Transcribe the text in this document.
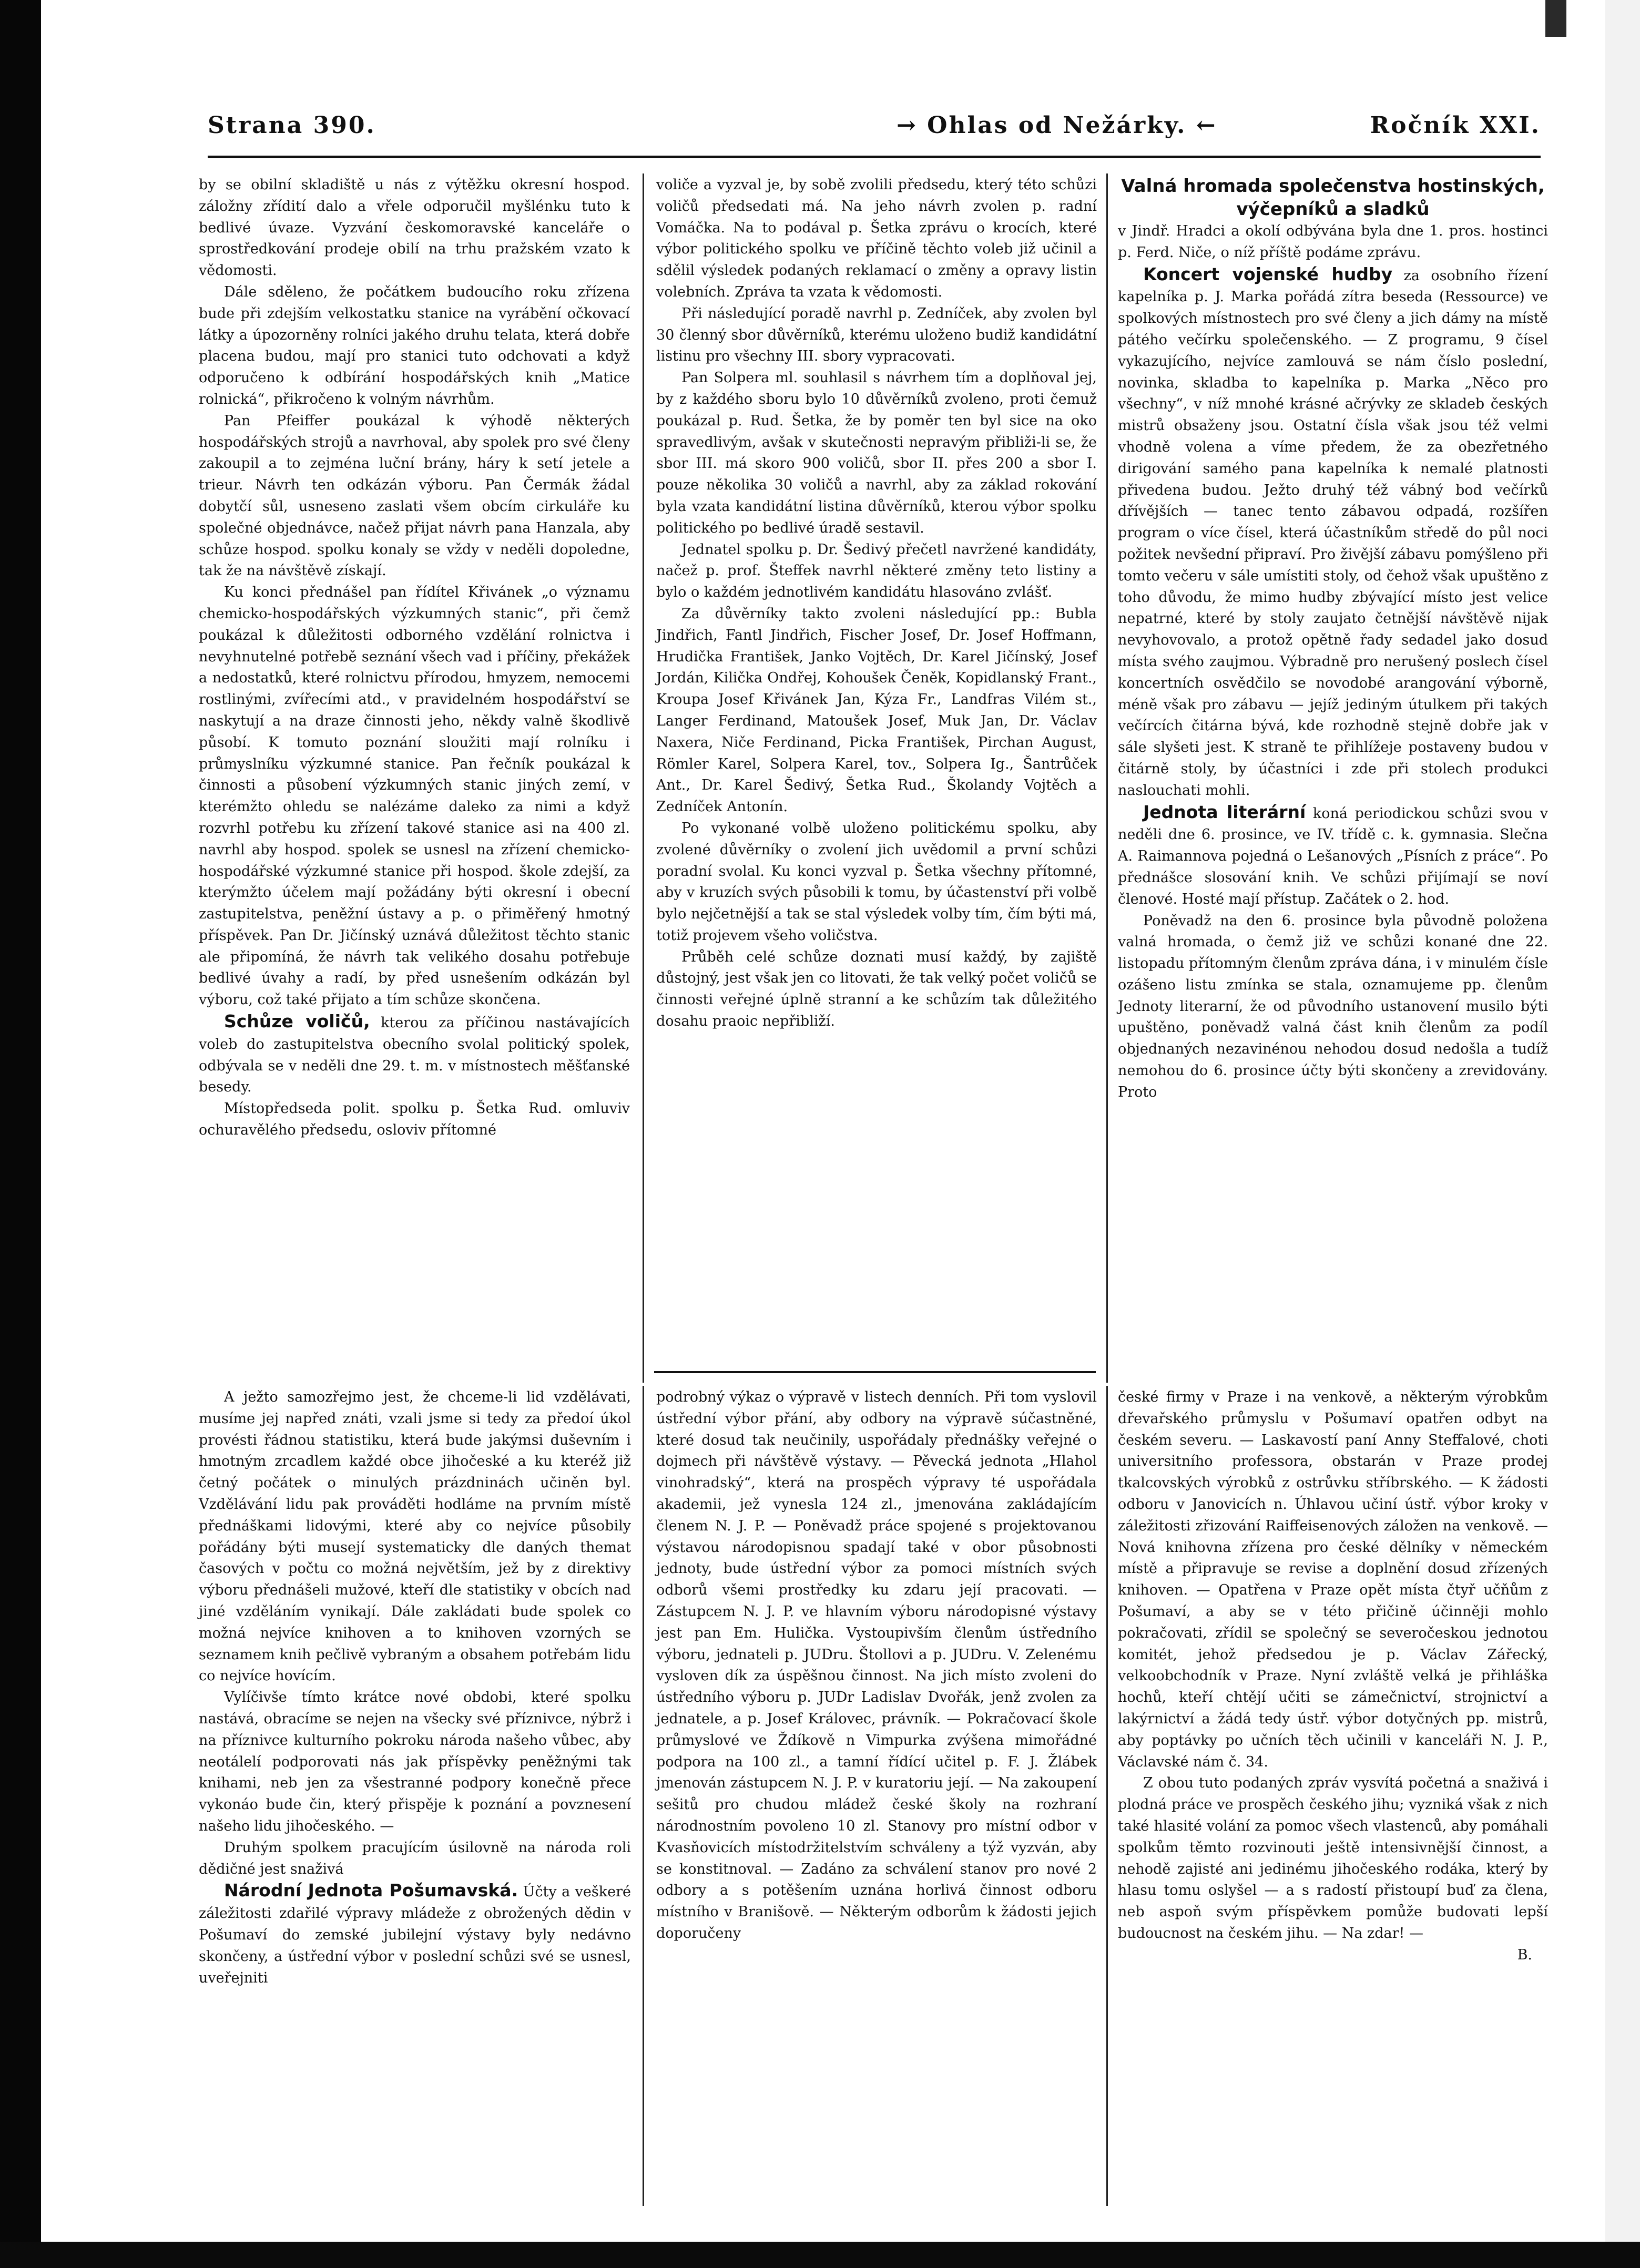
Strana 390.	→ Ohlas od Nežárky. ←	Ročník XXI.

by se obilní skladiště u nás z výtěžku okresní hospod. záložny zřídití dalo a vřele odporučil myšlénku tuto k bedlivé úvaze. Vyzvání českomoravské kanceláře o sprostředkování prodeje obilí na trhu pražském vzato k vědomosti.

Dále sděleno, že počátkem budoucího roku zřízena bude při zdejším velkostatku stanice na vyrábění očkovací látky a úpozorněny rolníci jakého druhu telata, která dobře placena budou, mají pro stanici tuto odchovati a když odporučeno k odbírání hospodářských knih „Matice rolnická“, přikročeno k volným návrhům.

Pan Pfeiffer poukázal k výhodě některých hospodářských strojů a navrhoval, aby spolek pro své členy zakoupil a to zejména luční brány, háry k setí jetele a trieur. Návrh ten odkázán výboru. Pan Čermák žádal dobytčí sůl, usneseno zaslati všem obcím cirkuláře ku společné objednávce, načež přijat návrh pana Hanzala, aby schůze hospod. spolku konaly se vždy v neděli dopoledne, tak že na návštěvě získají.

Ku konci přednášel pan řídítel Křivánek „o významu chemicko-hospodářských výzkumných stanic“, při čemž poukázal k důležitosti odborného vzdělání rolnictva i nevyhnutelné potřebě seznání všech vad i příčiny, překážek a nedostatků, které rolnictvu přírodou, hmyzem, nemocemi rostlinými, zvířecími atd., v pravidelném hospodářství se naskytují a na draze činnosti jeho, někdy valně škodlivě působí. K tomuto poznání sloužiti mají rolníku i průmyslníku výzkumné stanice. Pan řečník poukázal k činnosti a působení výzkumných stanic jiných zemí, v kterémžto ohledu se nalézáme daleko za nimi a když rozvrhl potřebu ku zřízení takové stanice asi na 400 zl. navrhl aby hospod. spolek se usnesl na zřízení chemicko-hospodářské výzkumné stanice při hospod. škole zdejší, za kterýmžto účelem mají požádány býti okresní i obecní zastupitelstva, peněžní ústavy a p. o přiměřený hmotný příspěvek. Pan Dr. Jičínský uznává důležitost těchto stanic ale připomíná, že návrh tak velikého dosahu potřebuje bedlivé úvahy a radí, by před usnešením odkázán byl výboru, což také přijato a tím schůze skončena.

Schůze voličů, kterou za příčinou nastávajících voleb do zastupitelstva obecního svolal politický spolek, odbývala se v neděli dne 29. t. m. v místnostech měšťanské besedy.

Místopředseda polit. spolku p. Šetka Rud. omluviv ochuravělého předsedu, osloviv přítomné

voliče a vyzval je, by sobě zvolili předsedu, který této schůzi voličů předsedati má. Na jeho návrh zvolen p. radní Vomáčka. Na to podával p. Šetka zprávu o krocích, které výbor politického spolku ve příčině těchto voleb již učinil a sdělil výsledek podaných reklamací o změny a opravy listin volebních. Zpráva ta vzata k vědomosti.

Při následující poradě navrhl p. Zedníček, aby zvolen byl 30 členný sbor důvěrníků, kterému uloženo budiž kandidátní listinu pro všechny III. sbory vypracovati.

Pan Solpera ml. souhlasil s návrhem tím a doplňoval jej, by z každého sboru bylo 10 důvěrníků zvoleno, proti čemuž poukázal p. Rud. Šetka, že by poměr ten byl sice na oko spravedlivým, avšak v skutečnosti nepravým přibliži-li se, že sbor III. má skoro 900 voličů, sbor II. přes 200 a sbor I. pouze několika 30 voličů a navrhl, aby za základ rokování byla vzata kandidátní listina důvěrníků, kterou výbor spolku politického po bedlivé úradě sestavil.

Jednatel spolku p. Dr. Šedivý přečetl navržené kandidáty, načež p. prof. Šteffek navrhl některé změny teto listiny a bylo o každém jednotlivém kandidátu hlasováno zvlášť.

Za důvěrníky takto zvoleni následující pp.: Bubla Jindřich, Fantl Jindřich, Fischer Josef, Dr. Josef Hoffmann, Hrudička František, Janko Vojtěch, Dr. Karel Jičínský, Josef Jordán, Kilička Ondřej, Kohoušek Čeněk, Kopidlanský Frant., Kroupa Josef Křivánek Jan, Kýza Fr., Landfras Vilém st., Langer Ferdinand, Matoušek Josef, Muk Jan, Dr. Václav Naxera, Niče Ferdinand, Picka František, Pirchan August, Römler Karel, Solpera Karel, tov., Solpera Ig., Šantrůček Ant., Dr. Karel Šedivý, Šetka Rud., Školandy Vojtěch a Zedníček Antonín.

Po vykonané volbě uloženo politickému spolku, aby zvolené důvěrníky o zvolení jich uvědomil a první schůzi poradní svolal. Ku konci vyzval p. Šetka všechny přítomné, aby v kruzích svých působili k tomu, by účastenství při volbě bylo nejčetnější a tak se stal výsledek volby tím, čím býti má, totiž projevem všeho voličstva.

Průběh celé schůze doznati musí každý, by zajiště důstojný, jest však jen co litovati, že tak velký počet voličů se činnosti veřejné úplně stranní a ke schůzím tak důležitého dosahu praoic nepřibliží.

Valná hromada společenstva hostinských, výčepníků a sladků

v Jindř. Hradci a okolí odbývána byla dne 1. pros. hostinci p. Ferd. Niče, o níž příště podáme zprávu.

Koncert vojenské hudby za osobního řízení kapelníka p. J. Marka pořádá zítra beseda (Ressource) ve spolkových místnostech pro své členy a jich dámy na místě pátého večírku společenského. — Z programu, 9 čísel vykazujícího, nejvíce zamlouvá se nám číslo poslední, novinka, skladba to kapelníka p. Marka „Něco pro všechny“, v níž mnohé krásné ačrývky ze skladeb českých mistrů obsaženy jsou. Ostatní čísla však jsou též velmi vhodně volena a víme předem, že za obezřetného dirigování samého pana kapelníka k nemalé platnosti přivedena budou. Ježto druhý též vábný bod večírků dřívějších — tanec tento zábavou odpadá, rozšířen program o více čísel, která účastníkům středě do půl noci požitek nevšední připraví. Pro živější zábavu pomýšleno při tomto večeru v sále umístiti stoly, od čehož však upuštěno z toho důvodu, že mimo hudby zbývající místo jest velice nepatrné, které by stoly zaujato četnější návštěvě nijak nevyhovovalo, a protož opětně řady sedadel jako dosud místa svého zaujmou. Výbradně pro nerušený poslech čísel koncertních osvědčilo se novodobé arangování výborně, méně však pro zábavu — jejíž jediným útulkem při takých večírcích čitárna bývá, kde rozhodně stejně dobře jak v sále slyšeti jest. K straně te přihlížeje postaveny budou v čitárně stoly, by účastníci i zde při stolech produkci naslouchati mohli.

Jednota literární koná periodickou schůzi svou v neděli dne 6. prosince, ve IV. třídě c. k. gymnasia. Slečna A. Raimannova pojedná o Lešanových „Písních z práce“. Po přednášce slosování knih. Ve schůzi přijímají se noví členové. Hosté mají přístup. Začátek o 2. hod.

Poněvadž na den 6. prosince byla původně položena valná hromada, o čemž již ve schůzi konané dne 22. listopadu přítomným členům zpráva dána, i v minulém čísle ozášeno listu zmínka se stala, oznamujeme pp. členům Jednoty literarní, že od původního ustanovení musilo býti upuštěno, poněvadž valná část knih členům za podíl objednaných nezavinénou nehodou dosud nedošla a tudíž nemohou do 6. prosince účty býti skončeny a zrevidovány. Proto

A ježto samozřejmo jest, že chceme-li lid vzdělávati, musíme jej napřed znáti, vzali jsme si tedy za předoí úkol provésti řádnou statistiku, která bude jakýmsi duševním i hmotným zrcadlem každé obce jihočeské a ku kteréž již četný počátek o minulých prázdninách učiněn byl. Vzdělávání lidu pak prováděti hodláme na prvním místě přednáškami lidovými, které aby co nejvíce působily pořádány býti musejí systematicky dle daných themat časových v počtu co možná největším, jež by z direktivy výboru přednášeli mužové, kteří dle statistiky v obcích nad jiné vzděláním vynikají. Dále zakládati bude spolek co možná nejvíce knihoven a to knihoven vzorných se seznamem knih pečlivě vybraným a obsahem potřebám lidu co nejvíce hovícím.

Vylíčivše tímto krátce nové obdobi, které spolku nastává, obracíme se nejen na všecky své příznivce, nýbrž i na příznivce kulturního pokroku národa našeho vůbec, aby neotálelí podporovati nás jak příspěvky peněžnými tak knihami, neb jen za všestranné podpory konečně přece vykonáo bude čin, který přispěje k poznání a povznesení našeho lidu jihočeského. —

Druhým spolkem pracujícím úsilovně na národa roli dědičné jest snaživá

Národní Jednota Pošumavská. Účty a veškeré záležitosti zdařilé výpravy mládeže z obrožených dědin v Pošumaví do zemské jubilejní výstavy byly nedávno skončeny, a ústřední výbor v poslední schůzi své se usnesl, uveřejniti

podrobný výkaz o výpravě v listech denních. Při tom vyslovil ústřední výbor přání, aby odbory na výpravě súčastněné, které dosud tak neučinily, uspořádaly přednášky veřejné o dojmech při návštěvě výstavy. — Pěvecká jednota „Hlahol vinohradský“, která na prospěch výpravy té uspořádala akademii, jež vynesla 124 zl., jmenována zakládajícím členem N. J. P. — Poněvadž práce spojené s projektovanou výstavou národopisnou spadají také v obor působnosti jednoty, bude ústřední výbor za pomoci místních svých odborů všemi prostředky ku zdaru její pracovati. — Zástupcem N. J. P. ve hlavním výboru národopisné výstavy jest pan Em. Hulička. Vystoupivším členům ústředního výboru, jednateli p. JUDru. Štollovi a p. JUDru. V. Zelenému vysloven dík za úspěšnou činnost. Na jich místo zvoleni do ústředního výboru p. JUDr Ladislav Dvořák, jenž zvolen za jednatele, a p. Josef Královec, právník. — Pokračovací škole průmyslové ve Ždíkově n Vimpurka zvýšena mimořádné podpora na 100 zl., a tamní řídící učitel p. F. J. Žlábek jmenován zástupcem N. J. P. v kuratoriu její. — Na zakoupení sešitů pro chudou mládež české školy na rozhraní národnostním povoleno 10 zl. Stanovy pro místní odbor v Kvasňovicích místodržitelstvím schváleny a týž vyzván, aby se konstitnoval. — Zadáno za schválení stanov pro nové 2 odbory a s potěšením uznána horlivá činnost odboru místního v Branišově. — Některým odborům k žádosti jejich doporučeny

české firmy v Praze i na venkově, a některým výrobkům dřevařského průmyslu v Pošumaví opatřen odbyt na českém severu. — Laskavostí paní Anny Steffalové, choti universitního professora, obstarán v Praze prodej tkalcovských výrobků z ostrůvku stříbrského. — K žádosti odboru v Janovicích n. Úhlavou učiní ústř. výbor kroky v záležitosti zřizování Raiffeisenových záložen na venkově. — Nová knihovna zřízena pro české dělníky v německém místě a připravuje se revise a doplnění dosud zřízených knihoven. — Opatřena v Praze opět místa čtyř učňům z Pošumaví, a aby se v této přičině účinněji mohlo pokračovati, zřídil se společný se severočeskou jednotou komitét, jehož předsedou je p. Václav Zářecký, velkoobchodník v Praze. Nyní zvláště velká je přihláška hochů, kteří chtějí učiti se zámečnictví, strojnictví a lakýrnictví a žádá tedy ústř. výbor dotyčných pp. mistrů, aby poptávky po učních těch učinili v kanceláři N. J. P., Václavské nám č. 34.

Z obou tuto podaných zpráv vysvítá početná a snaživá i plodná práce ve prospěch českého jihu; vyzniká však z nich také hlasité volání za pomoc všech vlastenců, aby pomáhali spolkům těmto rozvinouti ještě intensivnější činnost, a nehodě zajisté ani jedinému jihočeského rodáka, který by hlasu tomu oslyšel — a s radostí přistoupí buď za člena, neb aspoň svým příspěvkem pomůže budovati lepší budoucnost na českém jihu. — Na zdar! —

B.
